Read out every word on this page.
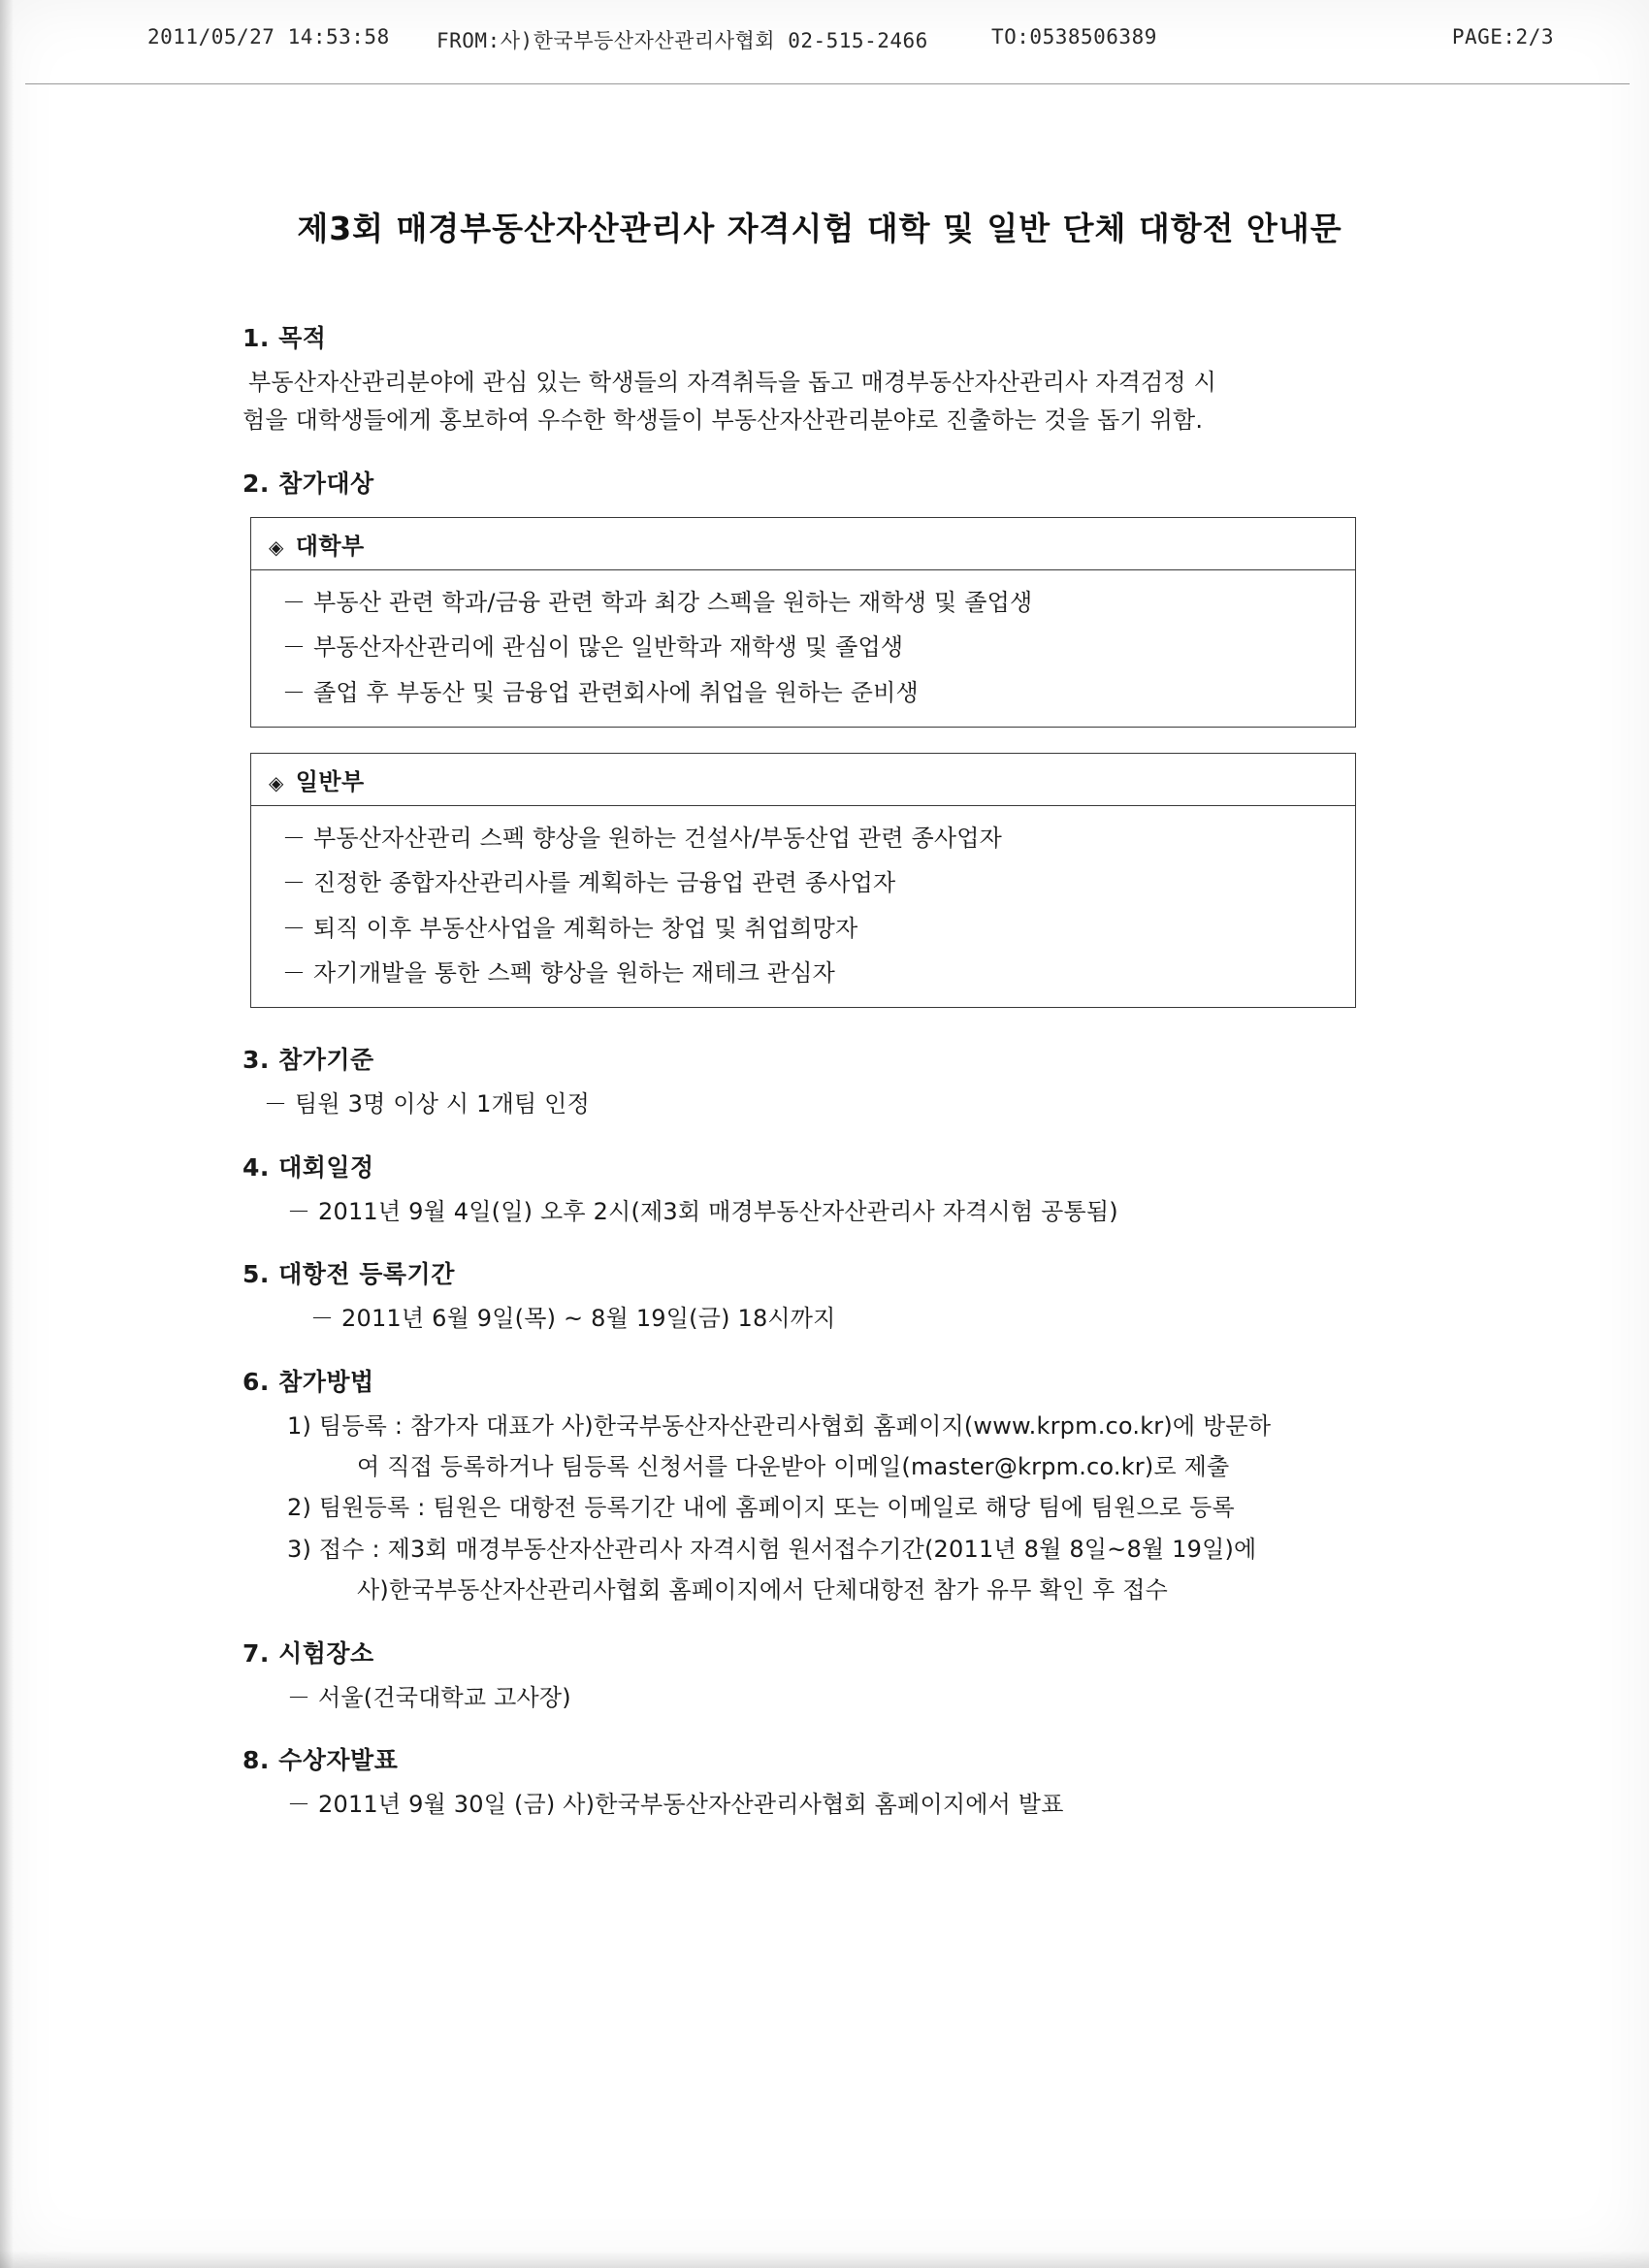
2011/05/27 14:53:58 FROM:사)한국부등산자산관리사협회 02-515-2466	TO:0538506389	PAGE:2/3
제3회 매경부동산자산관리사 자격시험 대학 및 일반 단체 대항전 안내문
1. 목적

부동산자산관리분야에 관심 있는 학생들의 자격취득을 돕고 매경부동산자산관리사 자격검정 시

험을 대학생들에게 홍보하여 우수한 학생들이 부동산자산관리분야로 진출하는 것을 돕기 위함.

2. 참가대상
◈ 대학부
－ 부동산 관련 학과/금융 관련 학과 최강 스펙을 원하는 재학생 및 졸업생
－ 부동산자산관리에 관심이 많은 일반학과 재학생 및 졸업생
－ 졸업 후 부동산 및 금융업 관련회사에 취업을 원하는 준비생
◈ 일반부
－ 부동산자산관리 스펙 향상을 원하는 건설사/부동산업 관련 종사업자
－ 진정한 종합자산관리사를 계획하는 금융업 관련 종사업자
－ 퇴직 이후 부동산사업을 계획하는 창업 및 취업희망자
－ 자기개발을 통한 스펙 향상을 원하는 재테크 관심자
3. 참가기준
－ 팀원 3명 이상 시 1개팀 인정
4. 대회일정
－ 2011년 9월 4일(일) 오후 2시(제3회 매경부동산자산관리사 자격시험 공통됨)
5. 대항전 등록기간
－ 2011년 6월 9일(목) ~ 8월 19일(금) 18시까지
6. 참가방법
1) 팀등록 : 참가자 대표가 사)한국부동산자산관리사협회 홈페이지(www.krpm.co.kr)에 방문하
여 직접 등록하거나 팀등록 신청서를 다운받아 이메일(master@krpm.co.kr)로 제출
2) 팀원등록 : 팀원은 대항전 등록기간 내에 홈페이지 또는 이메일로 해당 팀에 팀원으로 등록
3) 접수 : 제3회 매경부동산자산관리사 자격시험 원서접수기간(2011년 8월 8일~8월 19일)에
사)한국부동산자산관리사협회 홈페이지에서 단체대항전 참가 유무 확인 후 접수
7. 시험장소
－ 서울(건국대학교 고사장)
8. 수상자발표
－ 2011년 9월 30일 (금) 사)한국부동산자산관리사협회 홈페이지에서 발표
